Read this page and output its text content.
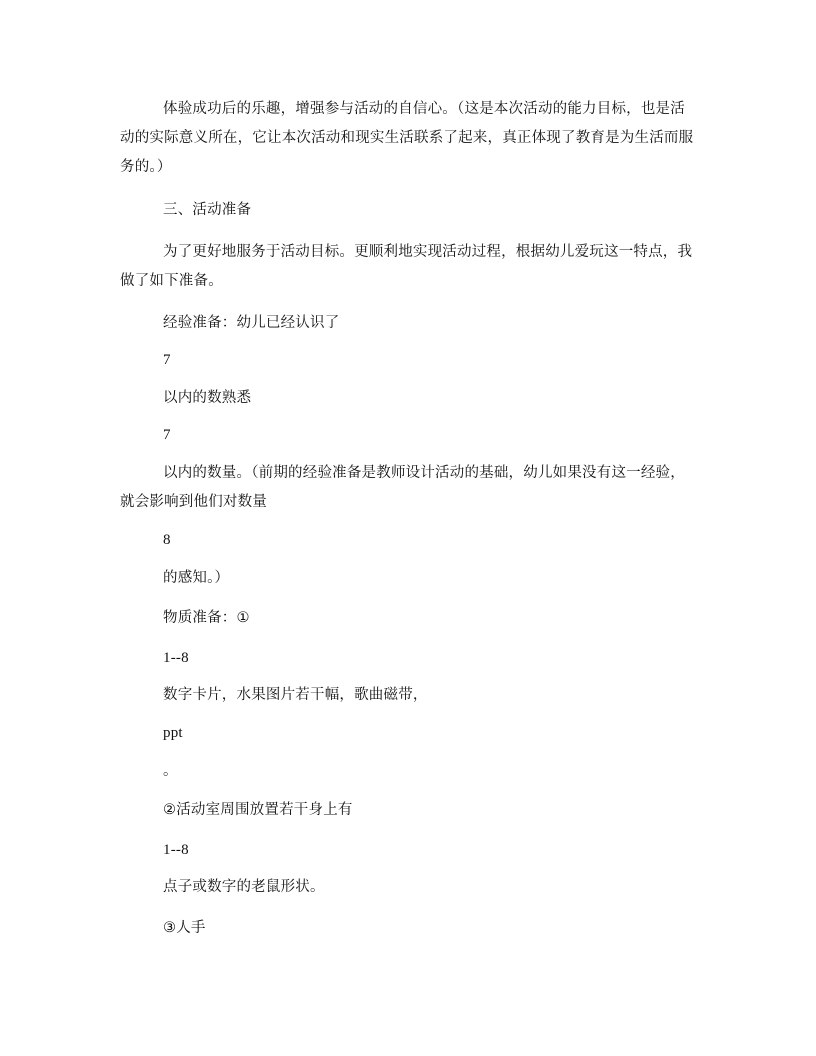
体验成功后的乐趣，增强参与活动的自信心。（这是本次活动的能力目标，也是活
动的实际意义所在，它让本次活动和现实生活联系了起来，真正体现了教育是为生活而服
务的。）
三、活动准备
为了更好地服务于活动目标。更顺利地实现活动过程，根据幼儿爱玩这一特点，我
做了如下准备。
经验准备：幼儿已经认识了
7
以内的数熟悉
7
以内的数量。（前期的经验准备是教师设计活动的基础，幼儿如果没有这一经验，
就会影响到他们对数量
8
的感知。）
物质准备：①
1--8
数字卡片，水果图片若干幅，歌曲磁带，
ppt
。
②活动室周围放置若干身上有
1--8
点子或数字的老鼠形状。
③人手
